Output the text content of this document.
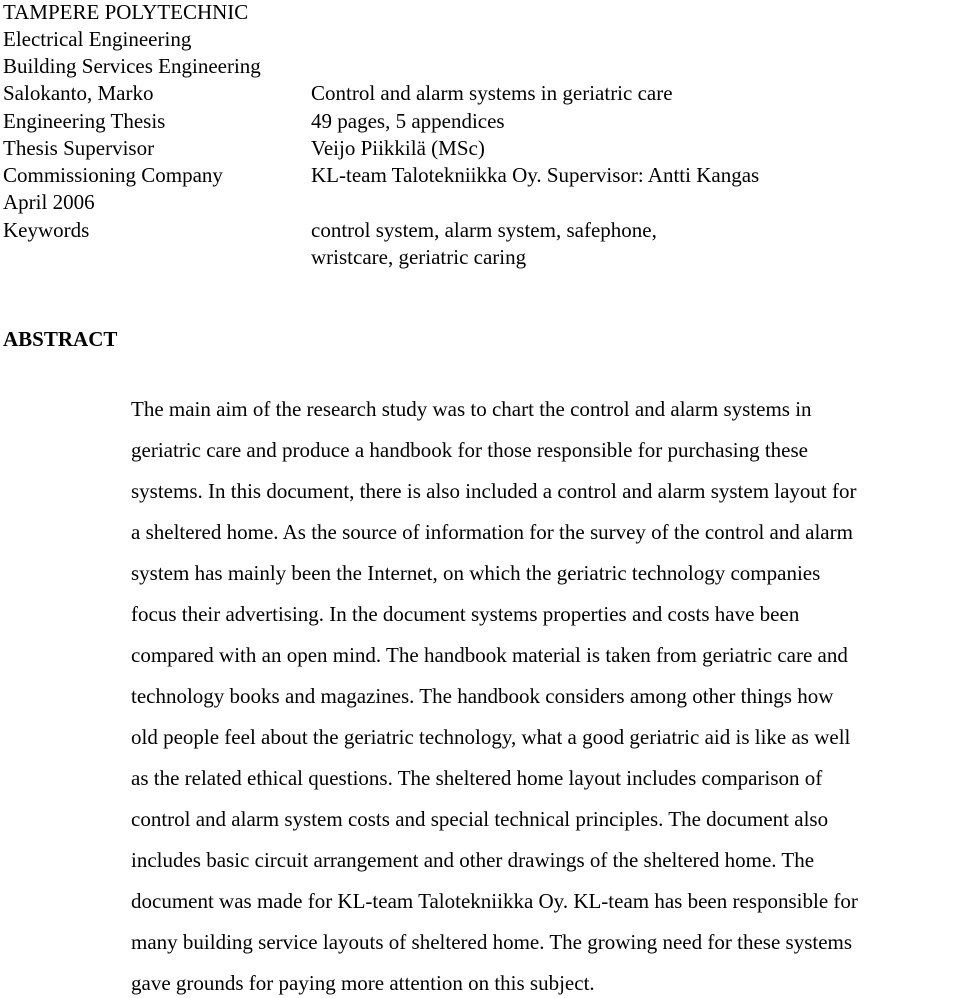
TAMPERE POLYTECHNIC
Electrical Engineering
Building Services Engineering
Salokanto, Marko
Engineering Thesis
Thesis Supervisor
Commissioning Company
April 2006
Keywords
Control and alarm systems in geriatric care
49 pages, 5 appendices
Veijo Piikkilä (MSc)
KL-team Talotekniikka Oy. Supervisor: Antti Kangas
control system, alarm system, safephone,
wristcare, geriatric caring
ABSTRACT
The main aim of the research study was to chart the control and alarm systems in
geriatric care and produce a handbook for those responsible for purchasing these
systems. In this document, there is also included a control and alarm system layout for
a sheltered home. As the source of information for the survey of the control and alarm
system has mainly been the Internet, on which the geriatric technology companies
focus their advertising. In the document systems properties and costs have been
compared with an open mind. The handbook material is taken from geriatric care and
technology books and magazines. The handbook considers among other things how
old people feel about the geriatric technology, what a good geriatric aid is like as well
as the related ethical questions. The sheltered home layout includes comparison of
control and alarm system costs and special technical principles. The document also
includes basic circuit arrangement and other drawings of the sheltered home. The
document was made for KL-team Talotekniikka Oy. KL-team has been responsible for
many building service layouts of sheltered home. The growing need for these systems
gave grounds for paying more attention on this subject.
